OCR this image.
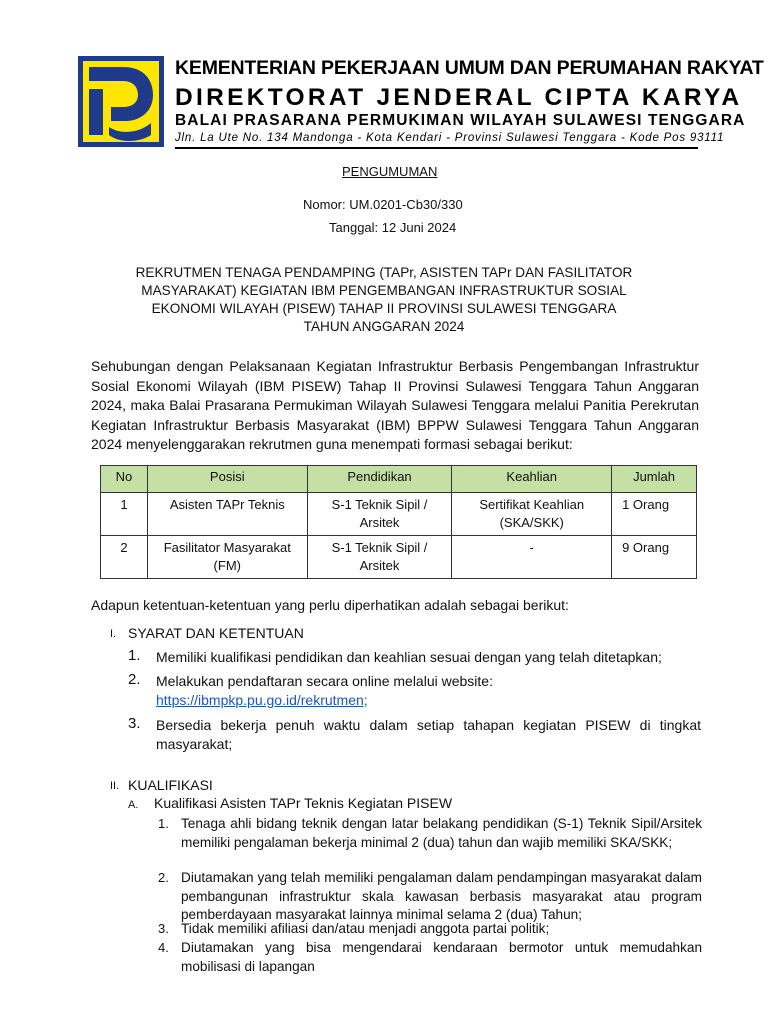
KEMENTERIAN PEKERJAAN UMUM DAN PERUMAHAN RAKYAT
DIREKTORAT JENDERAL CIPTA KARYA
BALAI PRASARANA PERMUKIMAN WILAYAH SULAWESI TENGGARA
Jln. La Ute No. 134 Mandonga - Kota Kendari - Provinsi Sulawesi Tenggara - Kode Pos 93111
PENGUMUMAN
Nomor: UM.0201-Cb30/330
Tanggal: 12 Juni 2024
REKRUTMEN TENAGA PENDAMPING (TAPr, ASISTEN TAPr DAN FASILITATOR
MASYARAKAT) KEGIATAN IBM PENGEMBANGAN INFRASTRUKTUR SOSIAL
EKONOMI WILAYAH (PISEW) TAHAP II PROVINSI SULAWESI TENGGARA
TAHUN ANGGARAN 2024
Sehubungan dengan Pelaksanaan Kegiatan Infrastruktur Berbasis Pengembangan Infrastruktur Sosial Ekonomi Wilayah (IBM PISEW) Tahap II Provinsi Sulawesi Tenggara Tahun Anggaran 2024, maka Balai Prasarana Permukiman Wilayah Sulawesi Tenggara melalui Panitia Perekrutan Kegiatan Infrastruktur Berbasis Masyarakat (IBM) BPPW Sulawesi Tenggara Tahun Anggaran 2024 menyelenggarakan rekrutmen guna menempati formasi sebagai berikut:
No	Posisi	Pendidikan	Keahlian	Jumlah
1	Asisten TAPr Teknis	S-1 Teknik Sipil / Arsitek	Sertifikat Keahlian (SKA/SKK)	1 Orang
2	Fasilitator Masyarakat (FM)	S-1 Teknik Sipil / Arsitek	-	9 Orang
Adapun ketentuan-ketentuan yang perlu diperhatikan adalah sebagai berikut:
I. SYARAT DAN KETENTUAN
1. Memiliki kualifikasi pendidikan dan keahlian sesuai dengan yang telah ditetapkan;
2. Melakukan pendaftaran secara online melalui website:
https://ibmpkp.pu.go.id/rekrutmen;
3. Bersedia bekerja penuh waktu dalam setiap tahapan kegiatan PISEW di tingkat masyarakat;
II. KUALIFIKASI
A. Kualifikasi Asisten TAPr Teknis Kegiatan PISEW
1. Tenaga ahli bidang teknik dengan latar belakang pendidikan (S-1) Teknik Sipil/Arsitek memiliki pengalaman bekerja minimal 2 (dua) tahun dan wajib memiliki SKA/SKK;
2. Diutamakan yang telah memiliki pengalaman dalam pendampingan masyarakat dalam pembangunan infrastruktur skala kawasan berbasis masyarakat atau program pemberdayaan masyarakat lainnya minimal selama 2 (dua) Tahun;
3. Tidak memiliki afiliasi dan/atau menjadi anggota partai politik;
4. Diutamakan yang bisa mengendarai kendaraan bermotor untuk memudahkan mobilisasi di lapangan
